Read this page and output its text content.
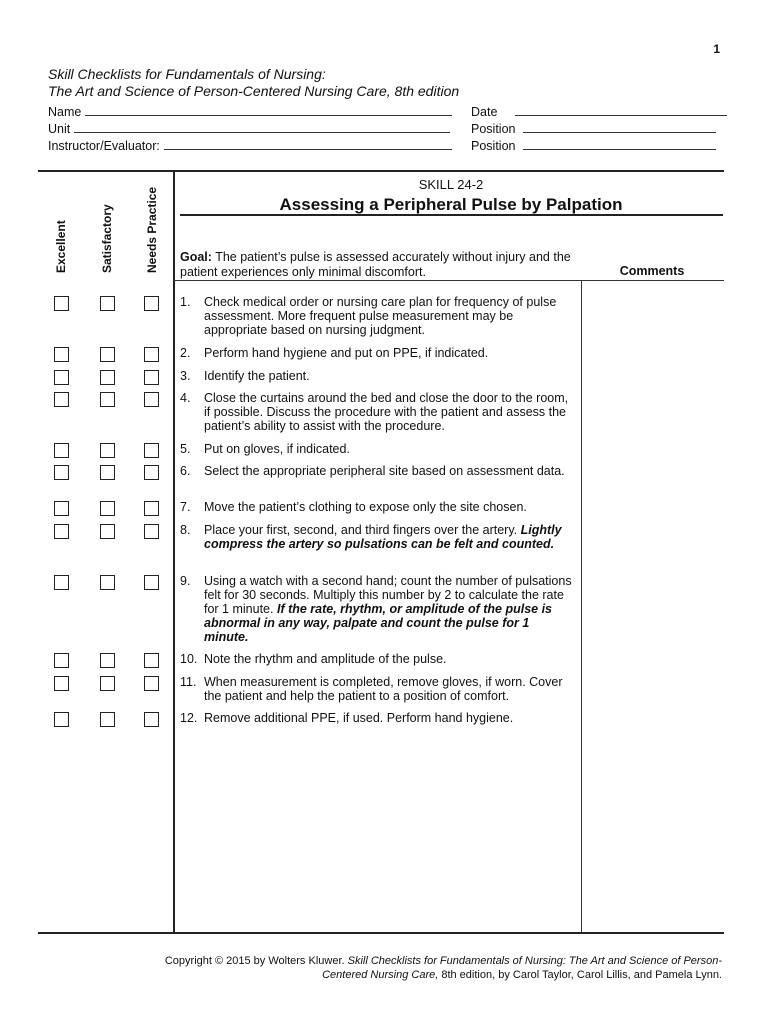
1
Skill Checklists for Fundamentals of Nursing:
The Art and Science of Person-Centered Nursing Care, 8th edition
Name
Unit
Instructor/Evaluator:
Date
Position
Position
Excellent	Satisfactory	Needs Practice
SKILL 24-2
Assessing a Peripheral Pulse by Palpation
Goal: The patient’s pulse is assessed accurately without injury and the patient experiences only minimal discomfort.	Comments
1.	Check medical order or nursing care plan for frequency of pulse assessment. More frequent pulse measurement may be appropriate based on nursing judgment.
2.	Perform hand hygiene and put on PPE, if indicated.
3.	Identify the patient.
4.	Close the curtains around the bed and close the door to the room, if possible. Discuss the procedure with the patient and assess the patient’s ability to assist with the procedure.
5.	Put on gloves, if indicated.
6.	Select the appropriate peripheral site based on assessment data.
7.	Move the patient’s clothing to expose only the site chosen.
8.	Place your first, second, and third fingers over the artery. Lightly compress the artery so pulsations can be felt and counted.
9.	Using a watch with a second hand; count the number of pulsations felt for 30 seconds. Multiply this number by 2 to calculate the rate for 1 minute. If the rate, rhythm, or amplitude of the pulse is abnormal in any way, palpate and count the pulse for 1 minute.
10. Note the rhythm and amplitude of the pulse.
11. When measurement is completed, remove gloves, if worn. Cover the patient and help the patient to a position of comfort.
12. Remove additional PPE, if used. Perform hand hygiene.
Copyright © 2015 by Wolters Kluwer. Skill Checklists for Fundamentals of Nursing: The Art and Science of Person-Centered Nursing Care, 8th edition, by Carol Taylor, Carol Lillis, and Pamela Lynn.
